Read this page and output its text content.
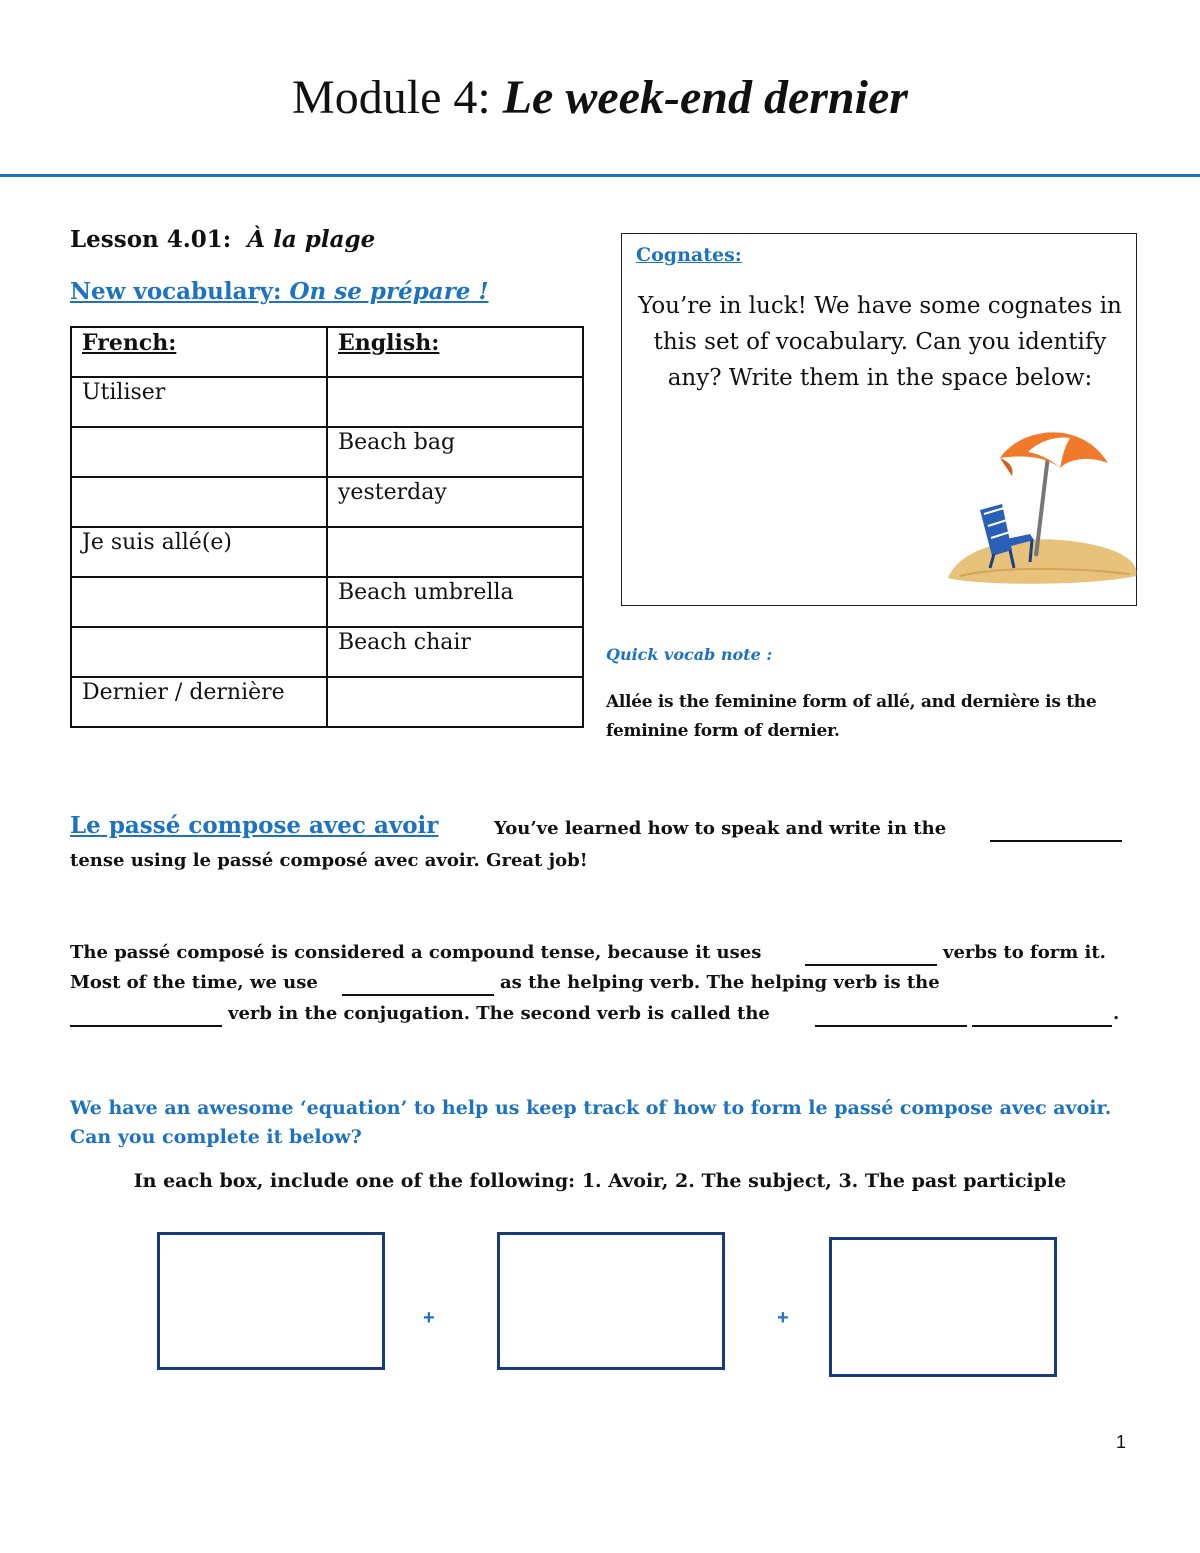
Module 4: Le week-end dernier
Lesson 4.01: À la plage
New vocabulary: On se prépare !
French:	English:
Utiliser	
	Beach bag
	yesterday
Je suis allé(e)	
	Beach umbrella
	Beach chair
Dernier / dernière	
Cognates:
You’re in luck! We have some cognates in this set of vocabulary. Can you identify any? Write them in the space below:
Quick vocab note :
Allée is the feminine form of allé, and dernière is the feminine form of dernier.
Le passé compose avec avoir	You’ve learned how to speak and write in the
tense using le passé composé avec avoir. Great job!
The passé composé is considered a compound tense, because it uses	verbs to form it.
Most of the time, we use	as the helping verb. The helping verb is the
verb in the conjugation. The second verb is called the	.
We have an awesome ‘equation’ to help us keep track of how to form le passé compose avec avoir. Can you complete it below?
In each box, include one of the following: 1. Avoir, 2. The subject, 3. The past participle
+	+
1
